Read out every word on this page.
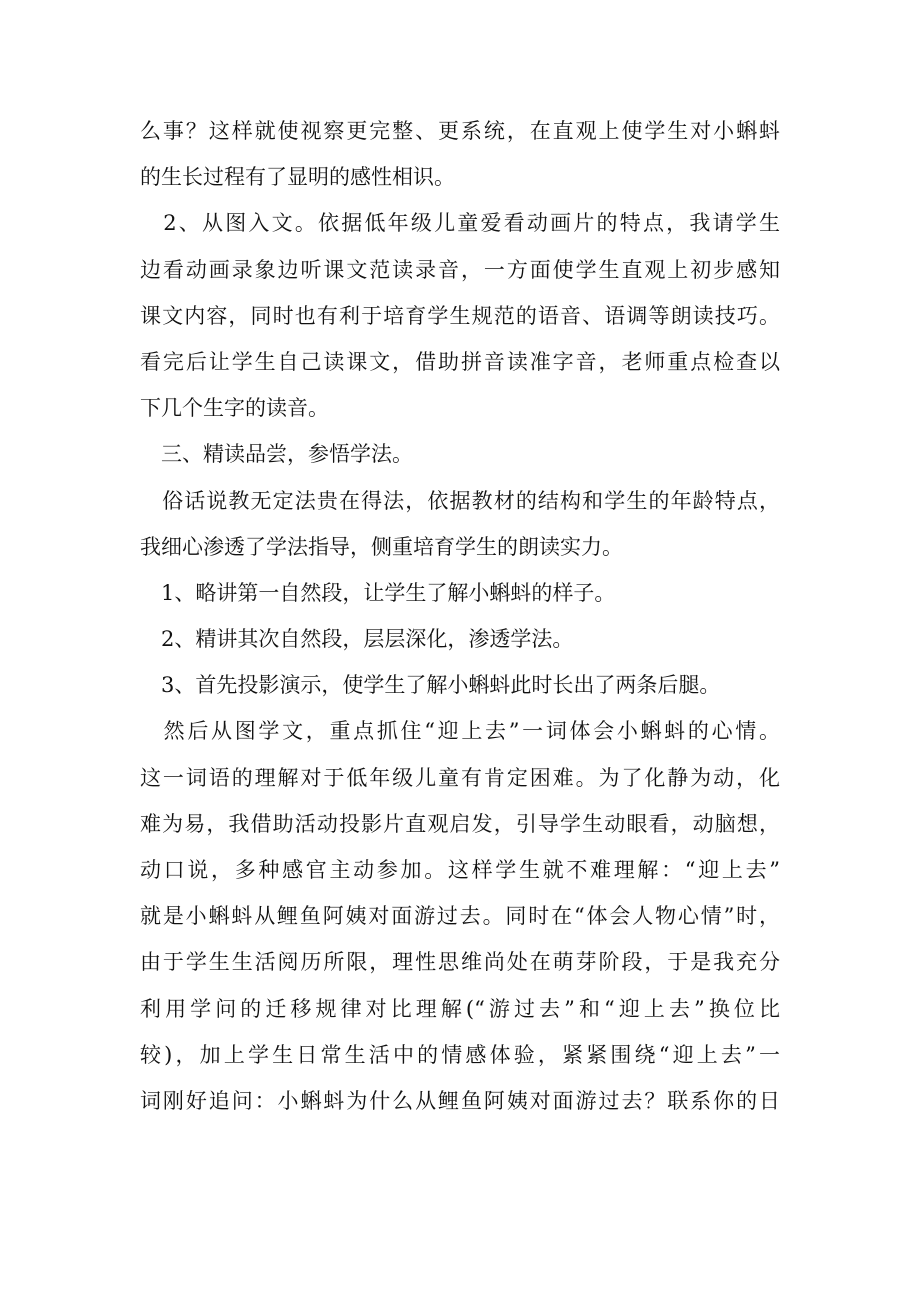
么事？这样就使视察更完整、更系统，在直观上使学生对小蝌蚪
的生长过程有了显明的感性相识。
　2、从图入文。依据低年级儿童爱看动画片的特点，我请学生
边看动画录象边听课文范读录音，一方面使学生直观上初步感知
课文内容，同时也有利于培育学生规范的语音、语调等朗读技巧。
看完后让学生自己读课文，借助拼音读准字音，老师重点检查以
下几个生字的读音。
　三、精读品尝，参悟学法。
　俗话说教无定法贵在得法，依据教材的结构和学生的年龄特点，
我细心渗透了学法指导，侧重培育学生的朗读实力。
　1、略讲第一自然段，让学生了解小蝌蚪的样子。
　2、精讲其次自然段，层层深化，渗透学法。
　3、首先投影演示，使学生了解小蝌蚪此时长出了两条后腿。
　然后从图学文，重点抓住“迎上去”一词体会小蝌蚪的心情。
这一词语的理解对于低年级儿童有肯定困难。为了化静为动，化
难为易，我借助活动投影片直观启发，引导学生动眼看，动脑想，
动口说，多种感官主动参加。这样学生就不难理解：“迎上去”
就是小蝌蚪从鲤鱼阿姨对面游过去。同时在“体会人物心情”时，
由于学生生活阅历所限，理性思维尚处在萌芽阶段，于是我充分
利用学问的迁移规律对比理解(“游过去”和“迎上去”换位比
较)，加上学生日常生活中的情感体验，紧紧围绕“迎上去”一
词刚好追问：小蝌蚪为什么从鲤鱼阿姨对面游过去？联系你的日
